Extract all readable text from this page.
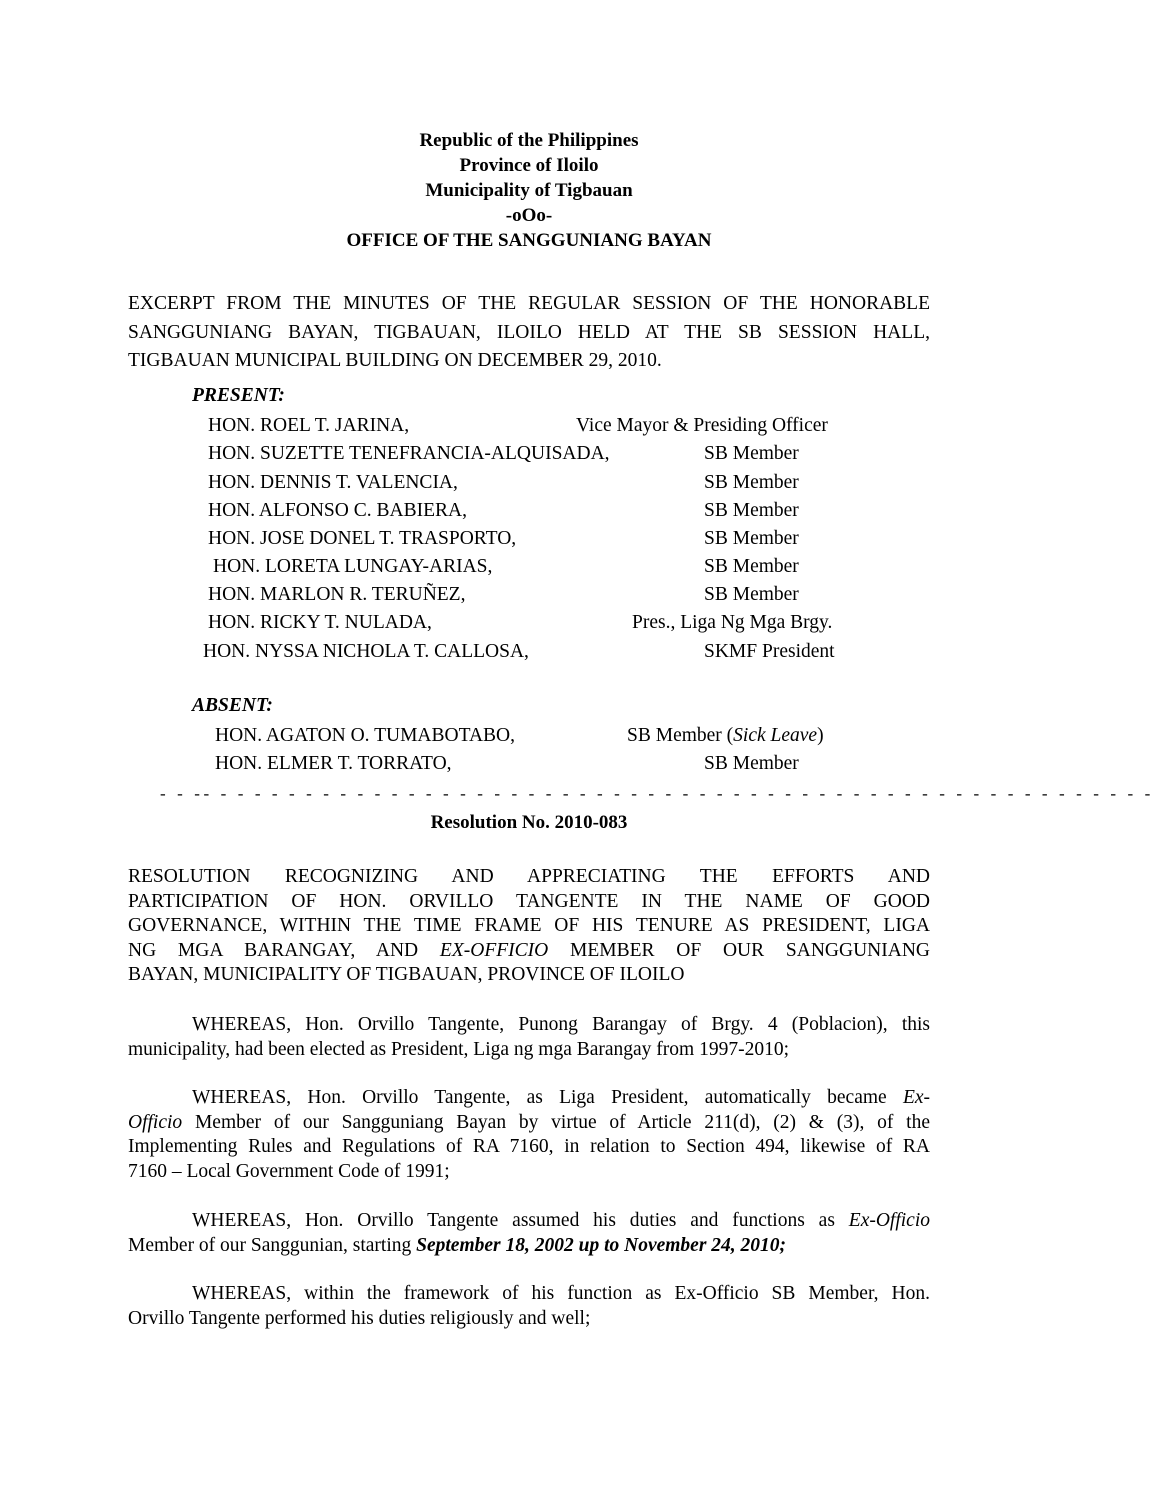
Republic of the Philippines
Province of Iloilo
Municipality of Tigbauan
-oOo-
OFFICE OF THE SANGGUNIANG BAYAN
EXCERPT FROM THE MINUTES OF THE REGULAR SESSION OF THE HONORABLE
SANGGUNIANG BAYAN, TIGBAUAN, ILOILO HELD AT THE SB SESSION HALL,
TIGBAUAN MUNICIPAL BUILDING ON DECEMBER 29, 2010.
PRESENT:
HON. ROEL T. JARINA,	Vice Mayor & Presiding Officer
HON. SUZETTE TENEFRANCIA-ALQUISADA,	SB Member
HON. DENNIS T. VALENCIA,	SB Member
HON. ALFONSO C. BABIERA,	SB Member
HON. JOSE DONEL T. TRASPORTO,	SB Member
HON. LORETA LUNGAY-ARIAS,	SB Member
HON. MARLON R. TERUÑEZ,	SB Member
HON. RICKY T. NULADA,	Pres., Liga Ng Mga Brgy.
HON. NYSSA NICHOLA T. CALLOSA,	SKMF President
ABSENT:
HON. AGATON O. TUMABOTABO,	SB Member (Sick Leave)
HON. ELMER T. TORRATO,	SB Member
- - -- - - - - - - - - - - - - - - - - - - - - - - - - - - - - - - - - - - - - - - - - - - - - - - - - - - - - - - -
Resolution No. 2010-083
RESOLUTION RECOGNIZING AND APPRECIATING THE EFFORTS AND
PARTICIPATION OF HON. ORVILLO TANGENTE IN THE NAME OF GOOD
GOVERNANCE, WITHIN THE TIME FRAME OF HIS TENURE AS PRESIDENT, LIGA
NG MGA BARANGAY, AND EX-OFFICIO MEMBER OF OUR SANGGUNIANG
BAYAN, MUNICIPALITY OF TIGBAUAN, PROVINCE OF ILOILO
WHEREAS, Hon. Orvillo Tangente, Punong Barangay of Brgy. 4 (Poblacion), this
municipality, had been elected as President, Liga ng mga Barangay from 1997-2010;
WHEREAS, Hon. Orvillo Tangente, as Liga President, automatically became Ex-
Officio Member of our Sangguniang Bayan by virtue of Article 211(d), (2) & (3), of the
Implementing Rules and Regulations of RA 7160, in relation to Section 494, likewise of RA
7160 – Local Government Code of 1991;
WHEREAS, Hon. Orvillo Tangente assumed his duties and functions as Ex-Officio
Member of our Sanggunian, starting September 18, 2002 up to November 24, 2010;
WHEREAS, within the framework of his function as Ex-Officio SB Member, Hon.
Orvillo Tangente performed his duties religiously and well;
